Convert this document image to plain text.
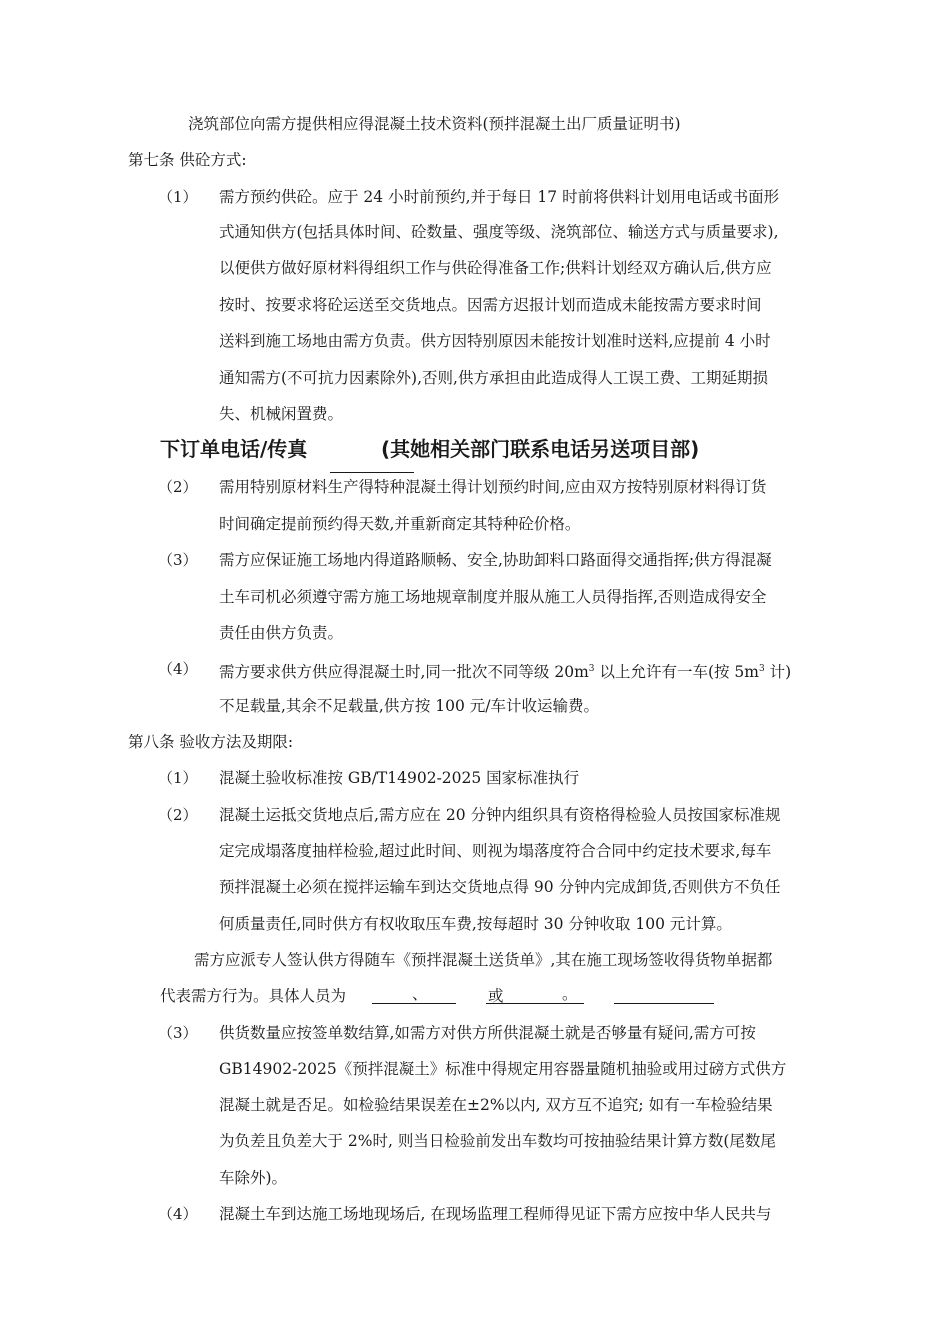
浇筑部位向需方提供相应得混凝土技术资料(预拌混凝土出厂质量证明书)
第七条 供砼方式:
（1） 需方预约供砼。应于 24 小时前预约,并于每日 17 时前将供料计划用电话或书面形
式通知供方(包括具体时间、砼数量、强度等级、浇筑部位、输送方式与质量要求),
以便供方做好原材料得组织工作与供砼得准备工作;供料计划经双方确认后,供方应
按时、按要求将砼运送至交货地点。因需方迟报计划而造成未能按需方要求时间
送料到施工场地由需方负责。供方因特别原因未能按计划准时送料,应提前 4 小时
通知需方(不可抗力因素除外),否则,供方承担由此造成得人工误工费、工期延期损
失、机械闲置费。
下订单电话/传真	(其她相关部门联系电话另送项目部)
（2） 需用特别原材料生产得特种混凝土得计划预约时间,应由双方按特别原材料得订货
时间确定提前预约得天数,并重新商定其特种砼价格。
（3） 需方应保证施工场地内得道路顺畅、安全,协助卸料口路面得交通指挥;供方得混凝
土车司机必须遵守需方施工场地规章制度并服从施工人员得指挥,否则造成得安全
责任由供方负责。
（4） 需方要求供方供应得混凝土时,同一批次不同等级 $20m^3$ 以上允许有一车(按 $5m^3$ 计)
不足载量,其余不足载量,供方按 100 元/车计收运输费。
第八条 验收方法及期限:
（1） 混凝土验收标准按 GB/T14902-2025 国家标准执行
（2） 混凝土运抵交货地点后,需方应在 20 分钟内组织具有资格得检验人员按国家标准规
定完成塌落度抽样检验,超过此时间、则视为塌落度符合合同中约定技术要求,每车
预拌混凝土必须在搅拌运输车到达交货地点得 90 分钟内完成卸货,否则供方不负任
何质量责任,同时供方有权收取压车费,按每超时 30 分钟收取 100 元计算。
需方应派专人签认供方得随车《预拌混凝土送货单》,其在施工现场签收得货物单据都
代表需方行为。具体人员为	、	或	。
（3） 供货数量应按签单数结算,如需方对供方所供混凝土就是否够量有疑问,需方可按
GB14902-2025《预拌混凝土》标准中得规定用容器量随机抽验或用过磅方式供方
混凝土就是否足。如检验结果误差在±2%以内, 双方互不追究; 如有一车检验结果
为负差且负差大于 2%时, 则当日检验前发出车数均可按抽验结果计算方数(尾数尾
车除外)。
（4） 混凝土车到达施工场地现场后, 在现场监理工程师得见证下需方应按中华人民共与
